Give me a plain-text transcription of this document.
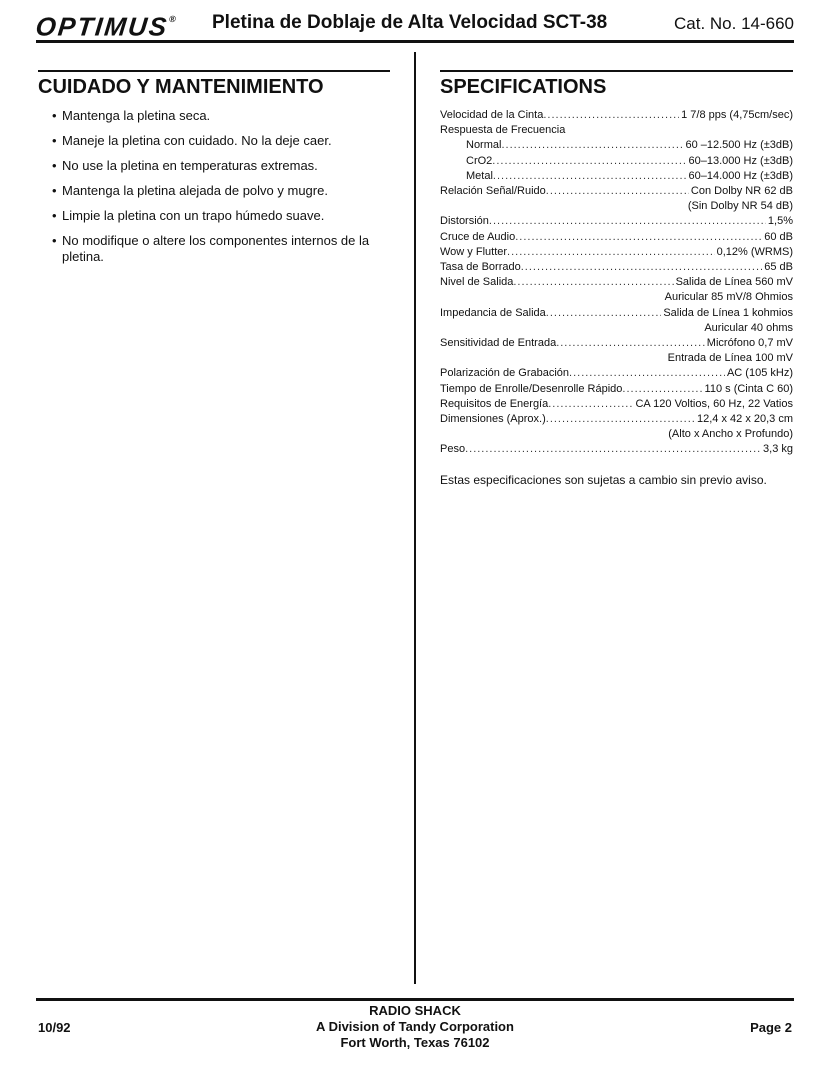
OPTIMUS® Pletina de Doblaje de Alta Velocidad SCT-38	Cat. No. 14-660
CUIDADO Y MANTENIMIENTO
• Mantenga la pletina seca.
• Maneje la pletina con cuidado. No la deje caer.
• No use la pletina en temperaturas extremas.
• Mantenga la pletina alejada de polvo y mugre.
• Limpie la pletina con un trapo húmedo suave.
• No modifique o altere los componentes internos de la pletina.
SPECIFICATIONS
Velocidad de la Cinta .....	1 7/8 pps (4,75cm/sec)
Respuesta de Frecuencia
Normal .....	60 –12.500 Hz (±3dB)
CrO2 .....	60–13.000 Hz (±3dB)
Metal .....	60–14.000 Hz (±3dB)
Relación Señal/Ruido .....	Con Dolby NR 62 dB
(Sin Dolby NR 54 dB)
Distorsión .....	1,5%
Cruce de Audio .....	60 dB
Wow y Flutter .....	0,12% (WRMS)
Tasa de Borrado .....	65 dB
Nivel de Salida .....	Salida de Línea 560 mV
Auricular 85 mV/8 Ohmios
Impedancia de Salida .....	Salida de Línea 1 kohmios
Auricular 40 ohms
Sensitividad de Entrada .....	Micrófono 0,7 mV
Entrada de Línea 100 mV
Polarización de Grabación .....	AC (105 kHz)
Tiempo de Enrolle/Desenrolle Rápido .....	110 s (Cinta C 60)
Requisitos de Energía .....	CA 120 Voltios, 60 Hz, 22 Vatios
Dimensiones (Aprox.) .....	12,4 x 42 x 20,3 cm
(Alto x Ancho x Profundo)
Peso .....	3,3 kg
Estas especificaciones son sujetas a cambio sin previo aviso.
RADIO SHACK
A Division of Tandy Corporation
Fort Worth, Texas 76102
10/92	Page 2
